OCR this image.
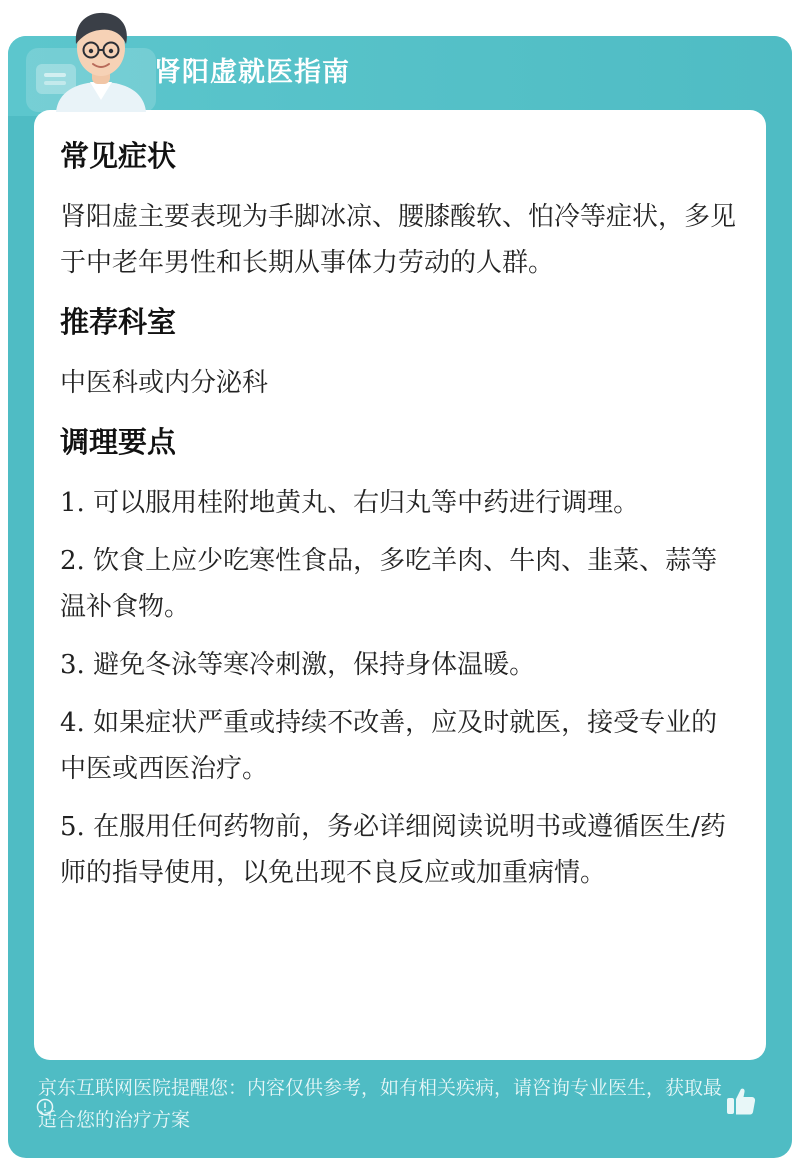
肾阳虚就医指南
常见症状

肾阳虚主要表现为手脚冰凉、腰膝酸软、怕冷等症状，多见于中老年男性和长期从事体力劳动的人群。

推荐科室

中医科或内分泌科

调理要点

1. 可以服用桂附地黄丸、右归丸等中药进行调理。

2. 饮食上应少吃寒性食品，多吃羊肉、牛肉、韭菜、蒜等温补食物。

3. 避免冬泳等寒冷刺激，保持身体温暖。

4. 如果症状严重或持续不改善，应及时就医，接受专业的中医或西医治疗。

5. 在服用任何药物前，务必详细阅读说明书或遵循医生/药师的指导使用，以免出现不良反应或加重病情。

京东互联网医院提醒您：内容仅供参考，如有相关疾病，请咨询专业医生，获取最适合您的治疗方案
